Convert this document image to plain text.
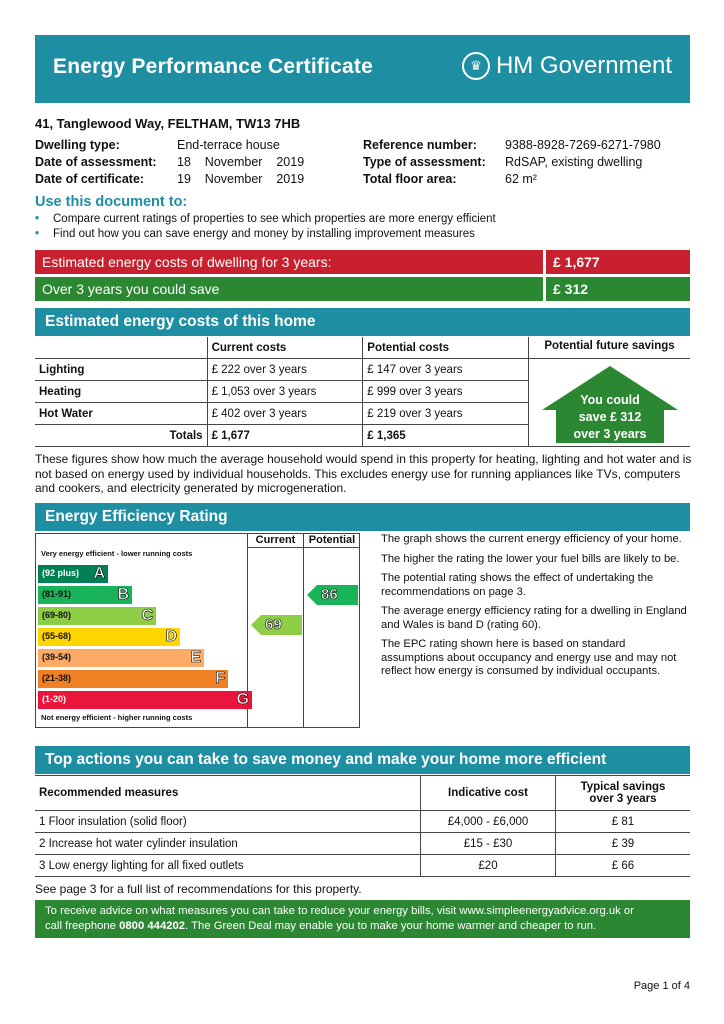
Energy Performance Certificate	♛ HM Government
41, Tanglewood Way, FELTHAM, TW13 7HB
Dwelling type:	End-terrace house
Date of assessment: 18    November    2019
Date of certificate:	19    November    2019
Reference number: 9388-8928-7269-6271-7980
Type of assessment: RdSAP, existing dwelling
Total floor area:	62 m²
Use this document to:
• Compare current ratings of properties to see which properties are more energy efficient
• Find out how you can save energy and money by installing improvement measures
Estimated energy costs of dwelling for 3 years:	£ 1,677
Over 3 years you could save	£ 312
Estimated energy costs of this home
	Current costs	Potential costs
Lighting	£ 222 over 3 years	£ 147 over 3 years
Heating	£ 1,053 over 3 years	£ 999 over 3 years
Hot Water	£ 402 over 3 years	£ 219 over 3 years
Totals	£ 1,677	£ 1,365
Potential future savings
You could
save £ 312
over 3 years
These figures show how much the average household would spend in this property for heating, lighting and hot water and is not based on energy used by individual households. This excludes energy use for running appliances like TVs, computers and cookers, and electricity generated by microgeneration.
Energy Efficiency Rating
Current	Potential
Very energy efficient - lower running costs
Not energy efficient - higher running costs
(92 plus) A
(81-91)	B
(69-80)	C
(55-68)	D
(39-54)	E
(21-38)	F
(1-20)	G
69
86

The graph shows the current energy efficiency of your home.

The higher the rating the lower your fuel bills are likely to be.

The potential rating shows the effect of undertaking the recommendations on page 3.

The average energy efficiency rating for a dwelling in England and Wales is band D (rating 60).

The EPC rating shown here is based on standard assumptions about occupancy and energy use and may not reflect how energy is consumed by individual occupants.

Top actions you can take to save money and make your home more efficient
Recommended measures	Indicative cost	Typical savings
over 3 years

1 Floor insulation (solid floor)	£4,000 - £6,000	£ 81
2 Increase hot water cylinder insulation	£15 - £30	£ 39
3 Low energy lighting for all fixed outlets	£20	£ 66
See page 3 for a full list of recommendations for this property.
To receive advice on what measures you can take to reduce your energy bills, visit www.simpleenergyadvice.org.uk or
call freephone 0800 444202. The Green Deal may enable you to make your home warmer and cheaper to run.
Page 1 of 4
